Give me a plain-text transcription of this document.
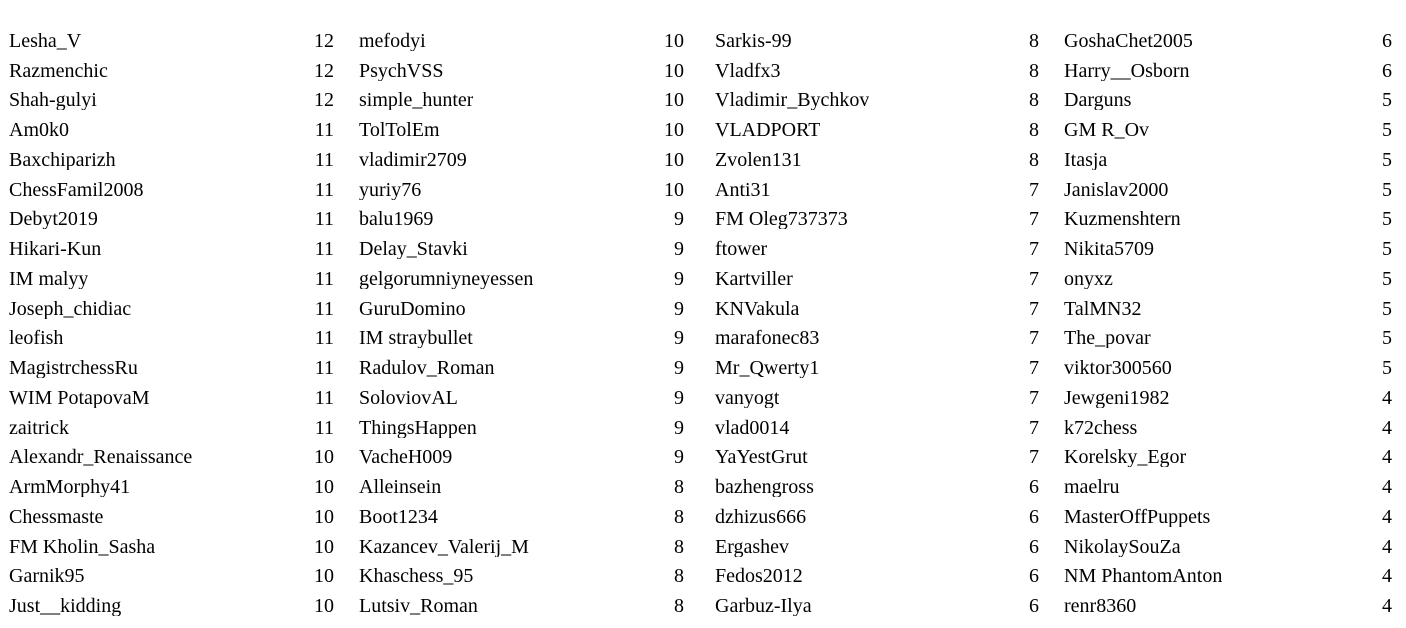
Lesha_V	12
Razmenchic	12
Shah-gulyi	12
Am0k0	11
Baxchiparizh	11
ChessFamil2008	11
Debyt2019	11
Hikari-Kun	11
IM malyy	11
Joseph_chidiac	11
leofish	11
MagistrchessRu	11
WIM PotapovaM	11
zaitrick	11
Alexandr_Renaissance	10
ArmMorphy41	10
Chessmaste	10
FM Kholin_Sasha	10
Garnik95	10
Just__kidding	10
mefodyi	10
PsychVSS	10
simple_hunter	10
TolTolEm	10
vladimir2709	10
yuriy76	10
balu1969	9
Delay_Stavki	9
gelgorumniyneyessen	9
GuruDomino	9
IM straybullet	9
Radulov_Roman	9
SoloviovAL	9
ThingsHappen	9
VacheH009	9
Alleinsein	8
Boot1234	8
Kazancev_Valerij_M	8
Khaschess_95	8
Lutsiv_Roman	8
Sarkis-99	8
Vladfx3	8
Vladimir_Bychkov	8
VLADPORT	8
Zvolen131	8
Anti31	7
FM Oleg737373	7
ftower	7
Kartviller	7
KNVakula	7
marafonec83	7
Mr_Qwerty1	7
vanyogt	7
vlad0014	7
YaYestGrut	7
bazhengross	6
dzhizus666	6
Ergashev	6
Fedos2012	6
Garbuz-Ilya	6
GoshaChet2005	6
Harry__Osborn	6
Darguns	5
GM R_Ov	5
Itasja	5
Janislav2000	5
Kuzmenshtern	5
Nikita5709	5
onyxz	5
TalMN32	5
The_povar	5
viktor300560	5
Jewgeni1982	4
k72chess	4
Korelsky_Egor	4
maelru	4
MasterOffPuppets	4
NikolaySouZa	4
NM PhantomAnton	4
renr8360	4
